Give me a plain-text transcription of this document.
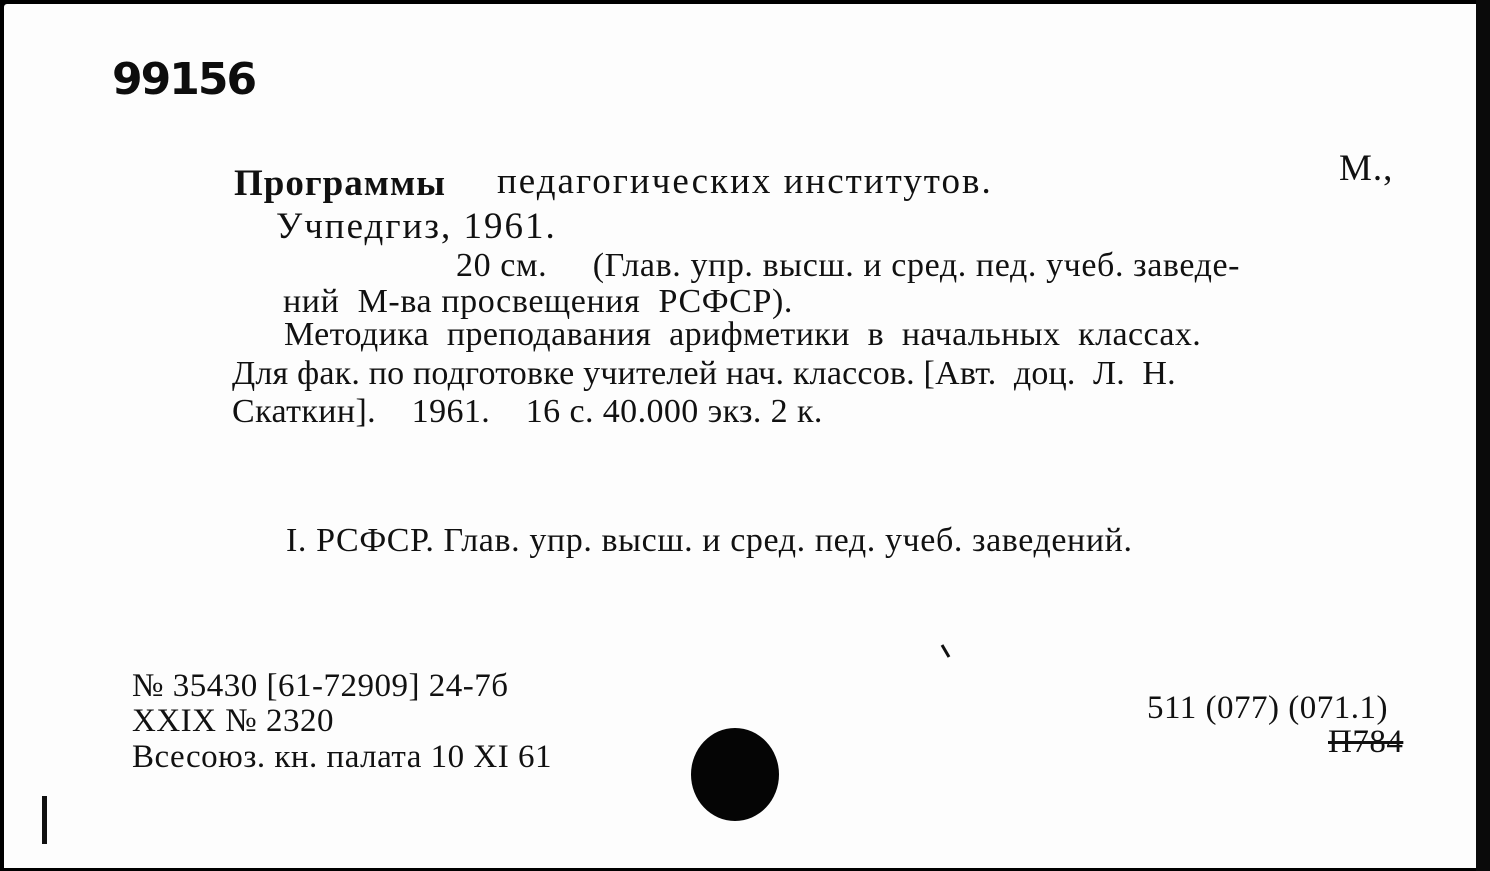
99156
Программы педагогических институтов.	М.,
Учпедгиз, 1961.
20 см.     (Глав. упр. высш. и сред. пед. учеб. заведе-
ний  М-ва просвещения  РСФСР).
Методика  преподавания  арифметики  в  начальных  классах.
Для фак. по подготовке учителей нач. классов. [Авт.  доц.  Л.  Н.
Скаткин].    1961.    16 с. 40.000 экз. 2 к.
I. РСФСР. Глав. упр. высш. и сред. пед. учеб. заведений.
№ 35430 [61-72909] 24-7б
XXIX № 2320
Всесоюз. кн. палата 10 XI 61
511 (077) (071.1)
П784
